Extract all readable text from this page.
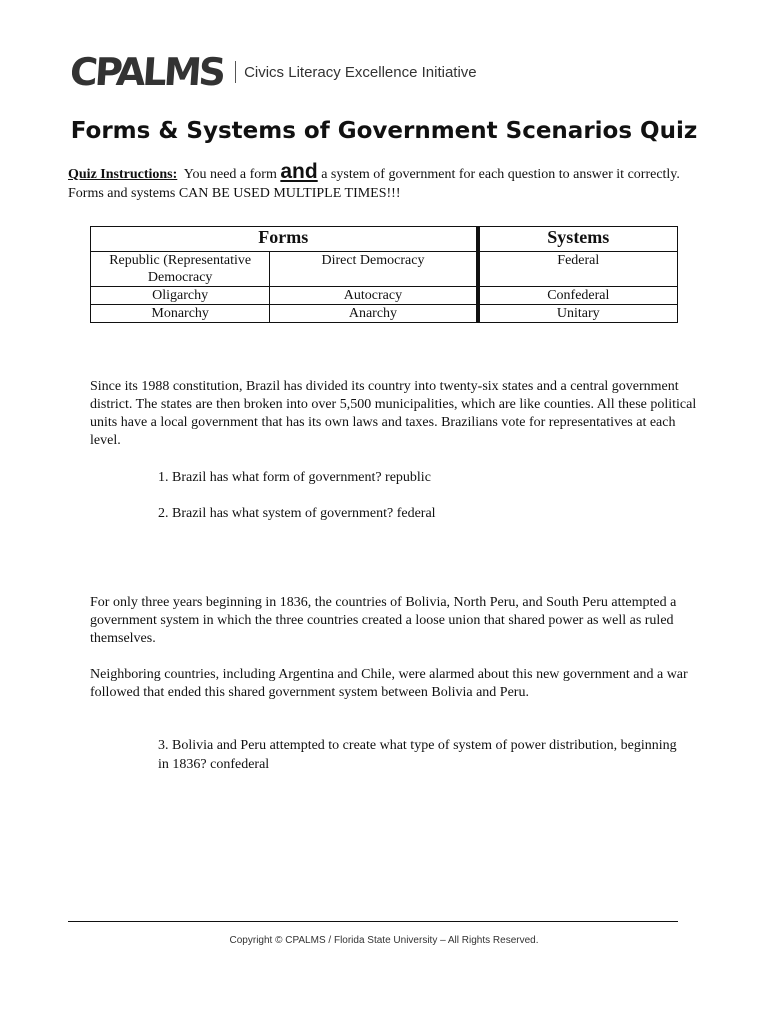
CPALMS Civics Literacy Excellence Initiative
Forms & Systems of Government Scenarios Quiz
Quiz Instructions: You need a form and a system of government for each question to answer it correctly. Forms and systems CAN BE USED MULTIPLE TIMES!!!
Forms		Systems
Republic (Representative Democracy	Direct Democracy	Federal
Oligarchy	Autocracy	Confederal
Monarchy	Anarchy	Unitary
Since its 1988 constitution, Brazil has divided its country into twenty-six states and a central government district. The states are then broken into over 5,500 municipalities, which are like counties. All these political units have a local government that has its own laws and taxes. Brazilians vote for representatives at each level.
1. Brazil has what form of government? republic
2. Brazil has what system of government? federal
For only three years beginning in 1836, the countries of Bolivia, North Peru, and South Peru attempted a government system in which the three countries created a loose union that shared power as well as ruled themselves.
Neighboring countries, including Argentina and Chile, were alarmed about this new government and a war followed that ended this shared government system between Bolivia and Peru.
3. Bolivia and Peru attempted to create what type of system of power distribution, beginning in 1836? confederal
Copyright © CPALMS / Florida State University – All Rights Reserved.
